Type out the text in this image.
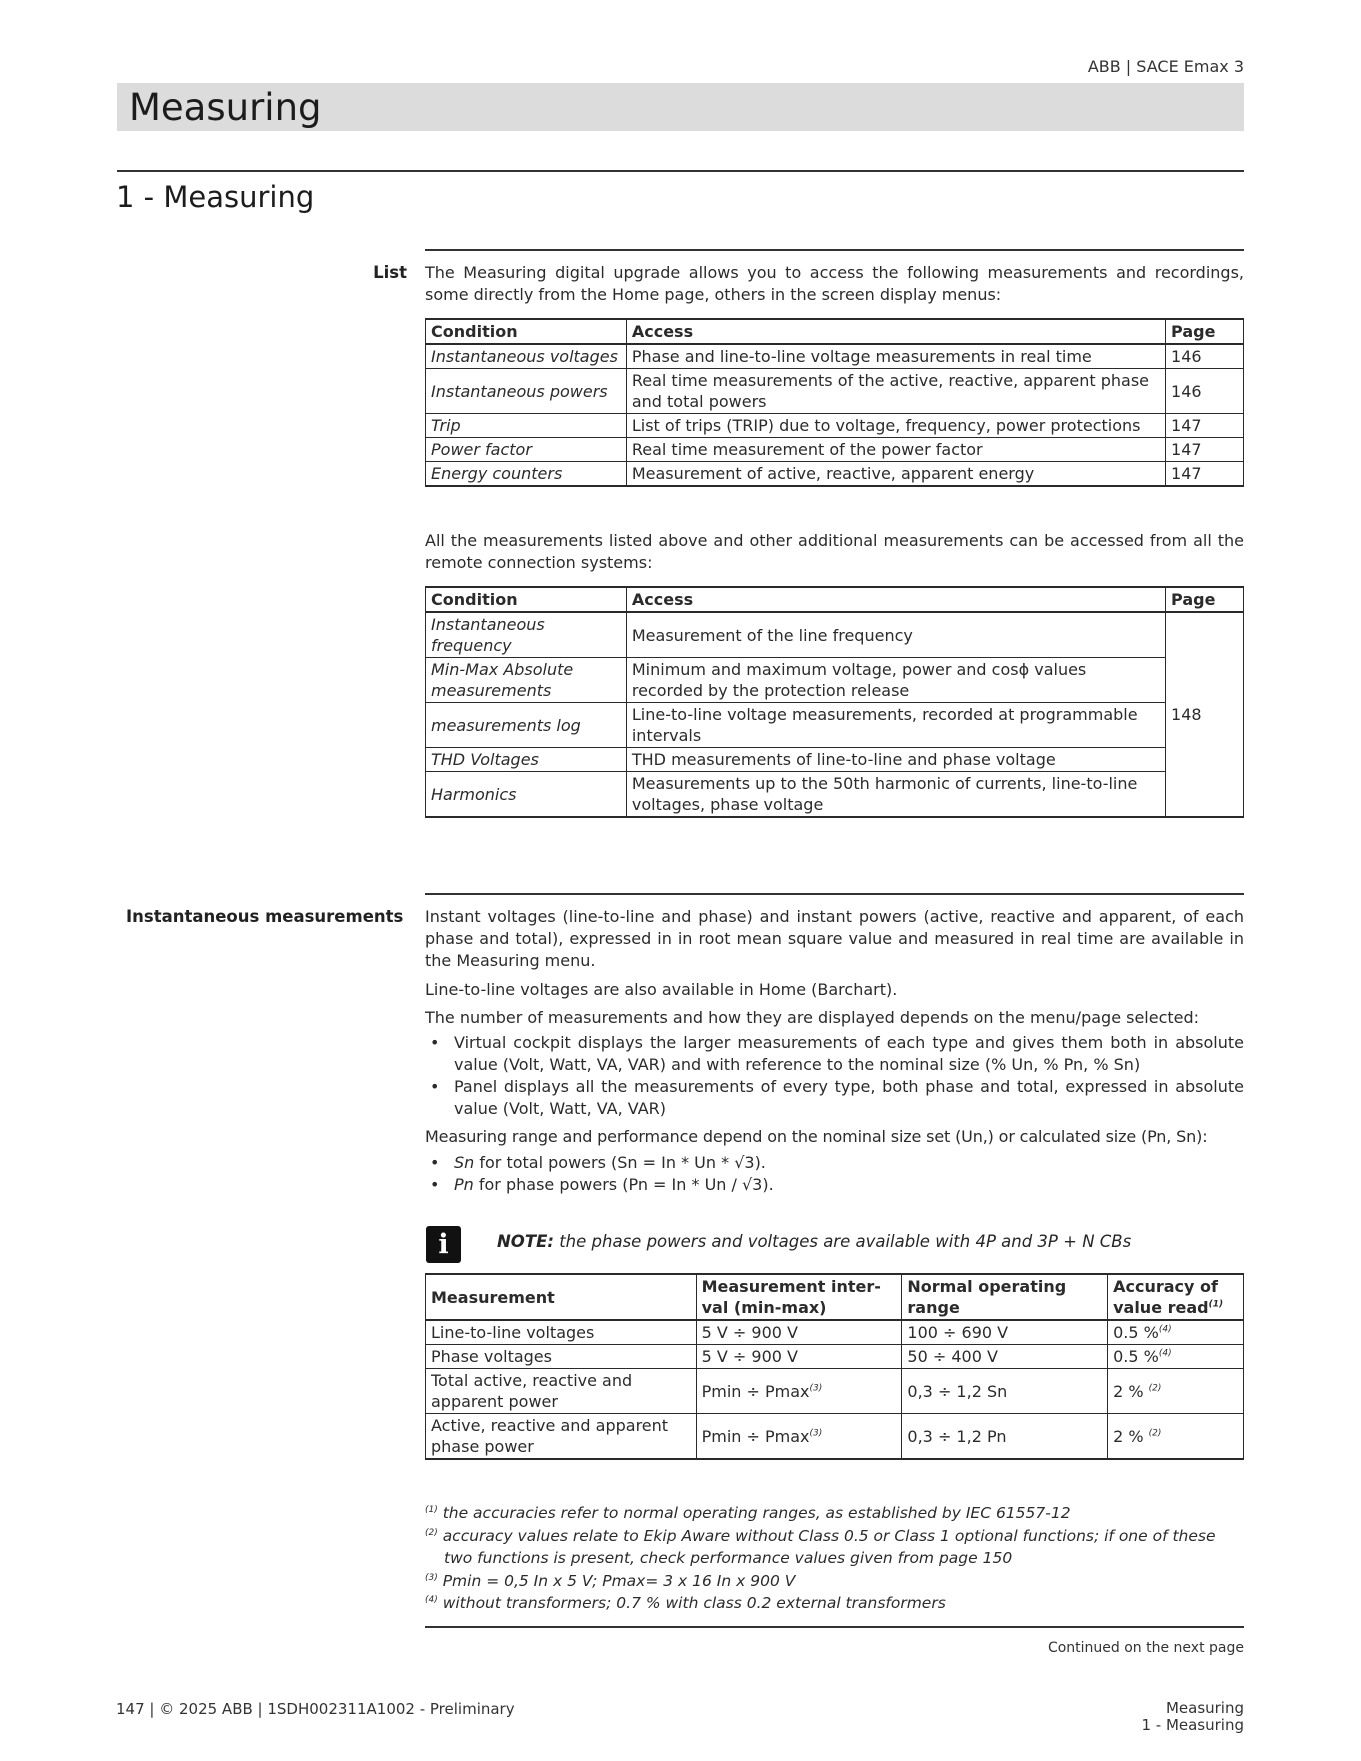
ABB | SACE Emax 3
Measuring
1 - Measuring
List The Measuring digital upgrade allows you to access the following measurements and recordings, some directly from the Home page, others in the screen display menus:
Condition	Access	Page
Instantaneous voltages	Phase and line-to-line voltage measurements in real time	146
Instantaneous powers	Real time measurements of the active, reactive, apparent phase and total powers	146
Trip	List of trips (TRIP) due to voltage, frequency, power protections	147
Power factor	Real time measurement of the power factor	147
Energy counters	Measurement of active, reactive, apparent energy	147
All the measurements listed above and other additional measurements can be accessed from all the remote connection systems:
Condition	Access	Page
Instantaneous frequency	Measurement of the line frequency	148
Min-Max Absolute measurements	Minimum and maximum voltage, power and cosϕ values recorded by the protection release	
measurements log	Line-to-line voltage measurements, recorded at programmable intervals	
THD Voltages	THD measurements of line-to-line and phase voltage	
Harmonics	Measurements up to the 50th harmonic of currents, line-to-line voltages, phase voltage	
Instantaneous measurements Instant voltages (line-to-line and phase) and instant powers (active, reactive and apparent, of each phase and total), expressed in in root mean square value and measured in real time are available in the Measuring menu.
Line-to-line voltages are also available in Home (Barchart).
The number of measurements and how they are displayed depends on the menu/page selected:
• Virtual cockpit displays the larger measurements of each type and gives them both in absolute value (Volt, Watt, VA, VAR) and with reference to the nominal size (% Un, % Pn, % Sn)
• Panel displays all the measurements of every type, both phase and total, expressed in absolute value (Volt, Watt, VA, VAR)
Measuring range and performance depend on the nominal size set (Un,) or calculated size (Pn, Sn):
• Sn for total powers (Sn = In * Un * √3).
• Pn for phase powers (Pn = In * Un / √3).
i	NOTE: the phase powers and voltages are available with 4P and 3P + N CBs
Measurement	Measurement inter-val (min-max)	Normal operating range	Accuracy of value read$^{(1)}$
Line-to-line voltages	5 V ÷ 900 V	100 ÷ 690 V	0.5 %$^{(4)}$
Phase voltages	5 V ÷ 900 V	50 ÷ 400 V	0.5 %$^{(4)}$
Total active, reactive and apparent power	Pmin ÷ Pmax$^{(3)}$	0,3 ÷ 1,2 Sn	2 % $^{(2)}$
Active, reactive and apparent phase power	Pmin ÷ Pmax$^{(3)}$	0,3 ÷ 1,2 Pn	2 % $^{(2)}$

$^{(1)}$ the accuracies refer to normal operating ranges, as established by IEC 61557-12

$^{(2)}$ accuracy values relate to Ekip Aware without Class 0.5 or Class 1 optional functions; if one of these

two functions is present, check performance values given from page 150

$^{(3)}$ Pmin = 0,5 In x 5 V; Pmax= 3 x 16 In x 900 V

$^{(4)}$ without transformers; 0.7 % with class 0.2 external transformers

Continued on the next page
147 | © 2025 ABB | 1SDH002311A1002 - Preliminary	Measuring
1 - Measuring
